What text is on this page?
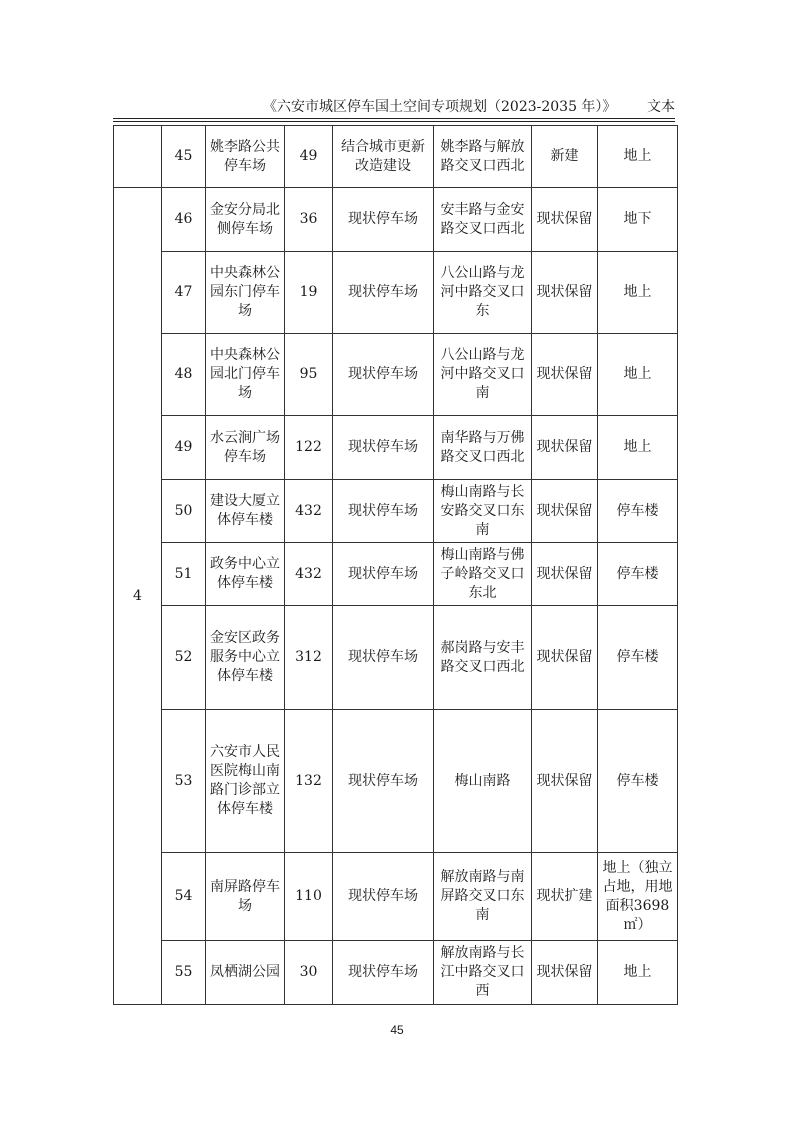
《六安市城区停车国土空间专项规划（2023-2035 年）》 文本
	45	姚李路公共停车场	49	结合城市更新改造建设	姚李路与解放路交叉口西北	新建	地上
4	46	金安分局北侧停车场	36	现状停车场	安丰路与金安路交叉口西北	现状保留	地下
	47	中央森林公园东门停车场	19	现状停车场	八公山路与龙河中路交叉口东	现状保留	地上
	48	中央森林公园北门停车场	95	现状停车场	八公山路与龙河中路交叉口南	现状保留	地上
	49	水云涧广场停车场	122	现状停车场	南华路与万佛路交叉口西北	现状保留	地上
	50	建设大厦立体停车楼	432	现状停车场	梅山南路与长安路交叉口东南	现状保留	停车楼
	51	政务中心立体停车楼	432	现状停车场	梅山南路与佛子岭路交叉口东北	现状保留	停车楼
	52	金安区政务服务中心立体停车楼	312	现状停车场	郝岗路与安丰路交叉口西北	现状保留	停车楼
	53	六安市人民医院梅山南路门诊部立体停车楼	132	现状停车场	梅山南路	现状保留	停车楼
	54	南屏路停车场	110	现状停车场	解放南路与南屏路交叉口东南	现状扩建	地上（独立占地，用地面积3698㎡）
	55	凤栖湖公园	30	现状停车场	解放南路与长江中路交叉口西	现状保留	地上
45
